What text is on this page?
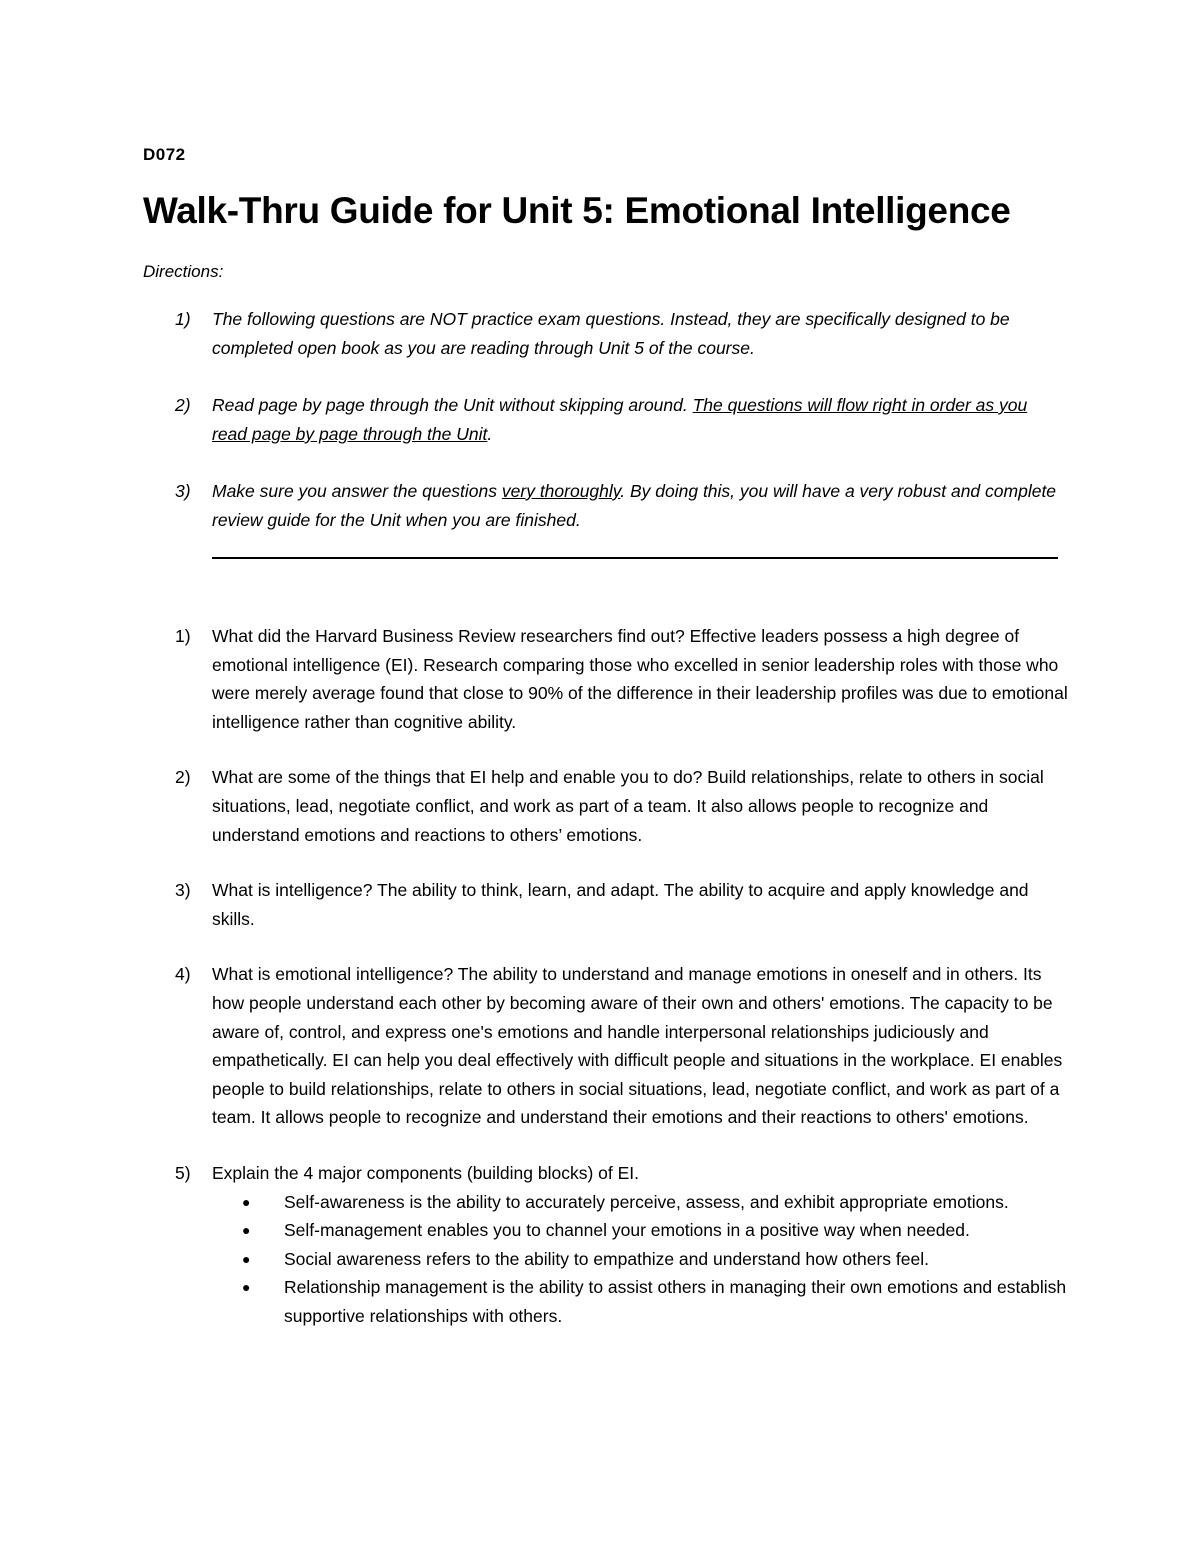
D072
Walk-Thru Guide for Unit 5: Emotional Intelligence
Directions:
1) The following questions are NOT practice exam questions. Instead, they are specifically designed to be completed open book as you are reading through Unit 5 of the course.
2) Read page by page through the Unit without skipping around. The questions will flow right in order as you read page by page through the Unit.
3) Make sure you answer the questions very thoroughly. By doing this, you will have a very robust and complete review guide for the Unit when you are finished.
1) What did the Harvard Business Review researchers find out? Effective leaders possess a high degree of emotional intelligence (EI). Research comparing those who excelled in senior leadership roles with those who were merely average found that close to 90% of the difference in their leadership profiles was due to emotional intelligence rather than cognitive ability.
2) What are some of the things that EI help and enable you to do? Build relationships, relate to others in social situations, lead, negotiate conflict, and work as part of a team. It also allows people to recognize and understand emotions and reactions to others’ emotions.
3) What is intelligence? The ability to think, learn, and adapt. The ability to acquire and apply knowledge and skills.
4) What is emotional intelligence? The ability to understand and manage emotions in oneself and in others. Its how people understand each other by becoming aware of their own and others' emotions. The capacity to be aware of, control, and express one's emotions and handle interpersonal relationships judiciously and empathetically. EI can help you deal effectively with difficult people and situations in the workplace. EI enables people to build relationships, relate to others in social situations, lead, negotiate conflict, and work as part of a team. It allows people to recognize and understand their emotions and their reactions to others' emotions.
5) Explain the 4 major components (building blocks) of EI.
● Self-awareness is the ability to accurately perceive, assess, and exhibit appropriate emotions.
● Self-management enables you to channel your emotions in a positive way when needed.
● Social awareness refers to the ability to empathize and understand how others feel.
● Relationship management is the ability to assist others in managing their own emotions and establish supportive relationships with others.
